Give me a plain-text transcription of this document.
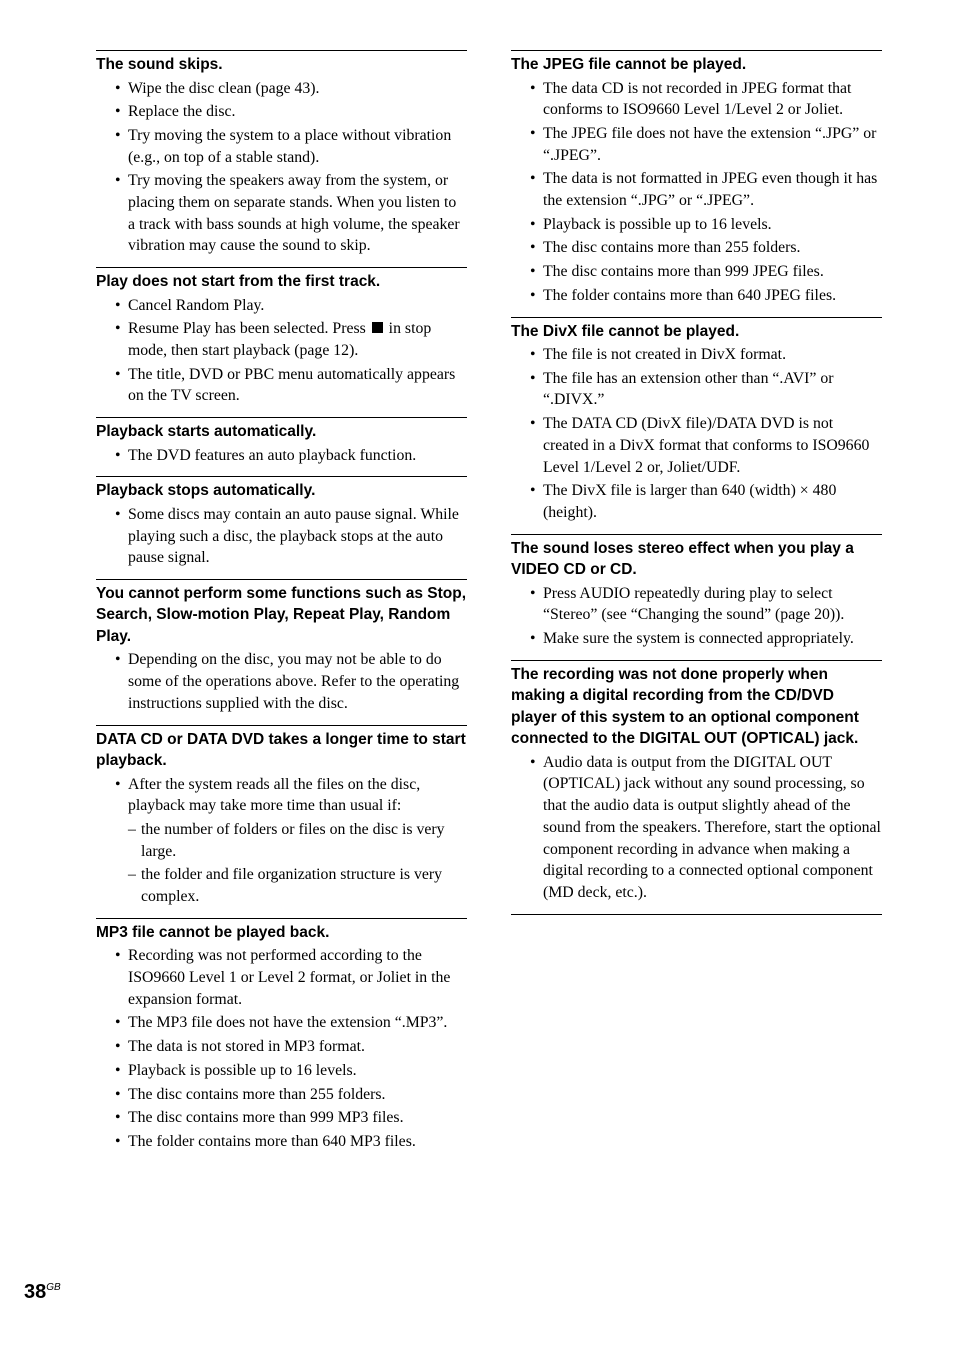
The sound skips.
• Wipe the disc clean (page 43).
• Replace the disc.
• Try moving the system to a place without vibration (e.g., on top of a stable stand).
• Try moving the speakers away from the system, or placing them on separate stands. When you listen to a track with bass sounds at high volume, the speaker vibration may cause the sound to skip.
Play does not start from the first track.
• Cancel Random Play.
• Resume Play has been selected. Press  in stop mode, then start playback (page 12).
• The title, DVD or PBC menu automatically appears on the TV screen.
Playback starts automatically.
• The DVD features an auto playback function.
Playback stops automatically.
• Some discs may contain an auto pause signal. While playing such a disc, the playback stops at the auto pause signal.
You cannot perform some functions such as Stop, Search, Slow-motion Play, Repeat Play, Random Play.
• Depending on the disc, you may not be able to do some of the operations above. Refer to the operating instructions supplied with the disc.
DATA CD or DATA DVD takes a longer time to start playback.
• After the system reads all the files on the disc, playback may take more time than usual if:
– the number of folders or files on the disc is very large.
– the folder and file organization structure is very complex.
MP3 file cannot be played back.
• Recording was not performed according to the ISO9660 Level 1 or Level 2 format, or Joliet in the expansion format.
• The MP3 file does not have the extension “.MP3”.
• The data is not stored in MP3 format.
• Playback is possible up to 16 levels.
• The disc contains more than 255 folders.
• The disc contains more than 999 MP3 files.
• The folder contains more than 640 MP3 files.
The JPEG file cannot be played.
• The data CD is not recorded in JPEG format that conforms to ISO9660 Level 1/Level 2 or Joliet.
• The JPEG file does not have the extension “.JPG” or “.JPEG”.
• The data is not formatted in JPEG even though it has the extension “.JPG” or “.JPEG”.
• Playback is possible up to 16 levels.
• The disc contains more than 255 folders.
• The disc contains more than 999 JPEG files.
• The folder contains more than 640 JPEG files.
The DivX file cannot be played.
• The file is not created in DivX format.
• The file has an extension other than “.AVI” or “.DIVX.”
• The DATA CD (DivX file)/DATA DVD is not created in a DivX format that conforms to ISO9660 Level 1/Level 2 or, Joliet/UDF.
• The DivX file is larger than 640 (width) × 480 (height).
The sound loses stereo effect when you play a VIDEO CD or CD.
• Press AUDIO repeatedly during play to select “Stereo” (see “Changing the sound” (page 20)).
• Make sure the system is connected appropriately.
The recording was not done properly when making a digital recording from the CD/DVD player of this system to an optional component connected to the DIGITAL OUT (OPTICAL) jack.
• Audio data is output from the DIGITAL OUT (OPTICAL) jack without any sound processing, so that the audio data is output slightly ahead of the sound from the speakers. Therefore, start the optional component recording in advance when making a digital recording to a connected optional component (MD deck, etc.).
$38^{GB}$
